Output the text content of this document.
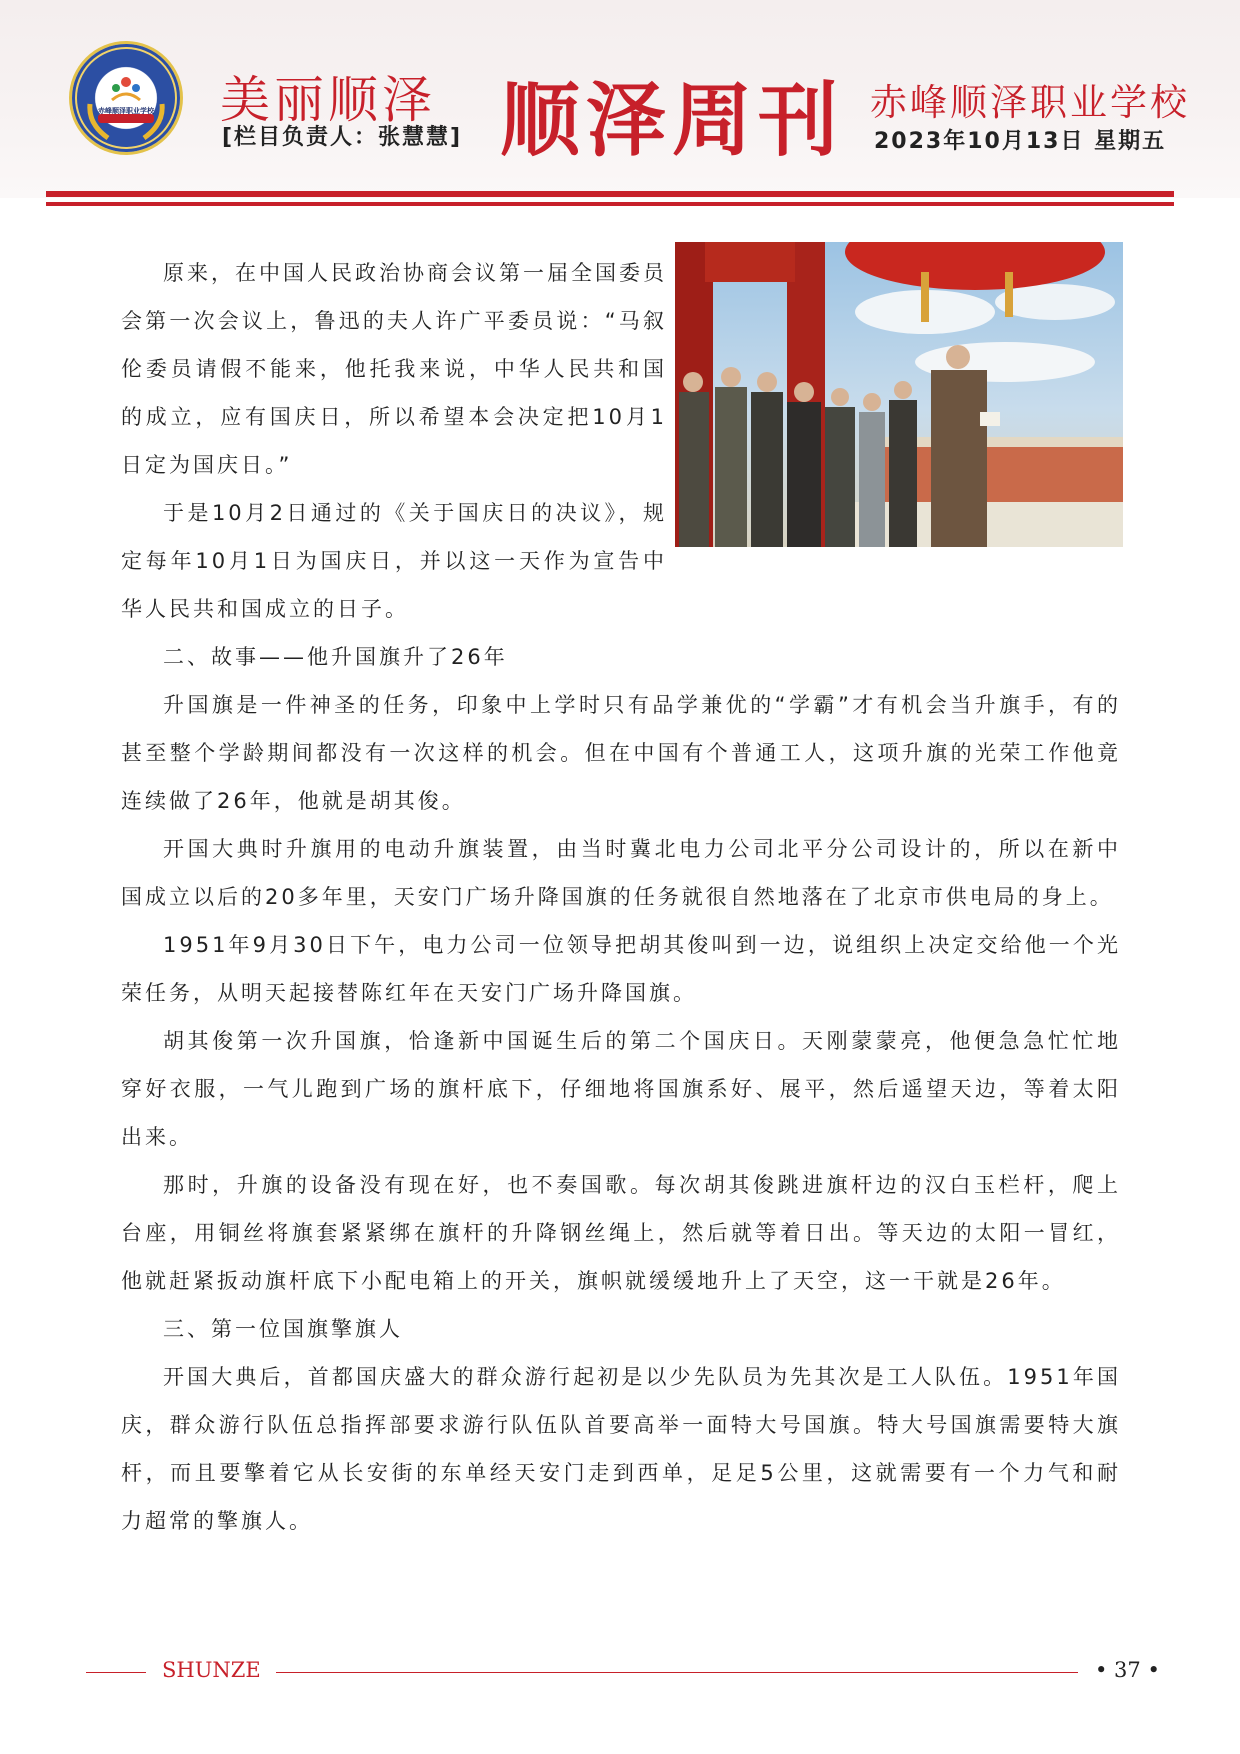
赤峰顺泽职业学校	美丽顺泽
[栏目负责人：张慧慧] 顺泽周刊 赤峰顺泽职业学校
2023年10月13日 星期五

原来，在中国人民政治协商会议第一届全国委员会第一次会议上，鲁迅的夫人许广平委员说：“马叙伦委员请假不能来，他托我来说，中华人民共和国的成立，应有国庆日，所以希望本会决定把10月1日定为国庆日。”

于是10月2日通过的《关于国庆日的决议》，规定每年10月1日为国庆日，并以这一天作为宣告中华人民共和国成立的日子。

二、故事——他升国旗升了26年

升国旗是一件神圣的任务，印象中上学时只有品学兼优的“学霸”才有机会当升旗手，有的甚至整个学龄期间都没有一次这样的机会。但在中国有个普通工人，这项升旗的光荣工作他竟连续做了26年，他就是胡其俊。

开国大典时升旗用的电动升旗装置，由当时冀北电力公司北平分公司设计的，所以在新中国成立以后的20多年里，天安门广场升降国旗的任务就很自然地落在了北京市供电局的身上。

1951年9月30日下午，电力公司一位领导把胡其俊叫到一边，说组织上决定交给他一个光荣任务，从明天起接替陈红年在天安门广场升降国旗。

胡其俊第一次升国旗，恰逢新中国诞生后的第二个国庆日。天刚蒙蒙亮，他便急急忙忙地穿好衣服，一气儿跑到广场的旗杆底下，仔细地将国旗系好、展平，然后遥望天边，等着太阳出来。

那时，升旗的设备没有现在好，也不奏国歌。每次胡其俊跳进旗杆边的汉白玉栏杆，爬上台座，用铜丝将旗套紧紧绑在旗杆的升降钢丝绳上，然后就等着日出。等天边的太阳一冒红，他就赶紧扳动旗杆底下小配电箱上的开关，旗帜就缓缓地升上了天空，这一干就是26年。

三、第一位国旗擎旗人

开国大典后，首都国庆盛大的群众游行起初是以少先队员为先其次是工人队伍。1951年国庆，群众游行队伍总指挥部要求游行队伍队首要高举一面特大号国旗。特大号国旗需要特大旗杆，而且要擎着它从长安街的东单经天安门走到西单，足足5公里，这就需要有一个力气和耐力超常的擎旗人。

SHUNZE	• 37 •
